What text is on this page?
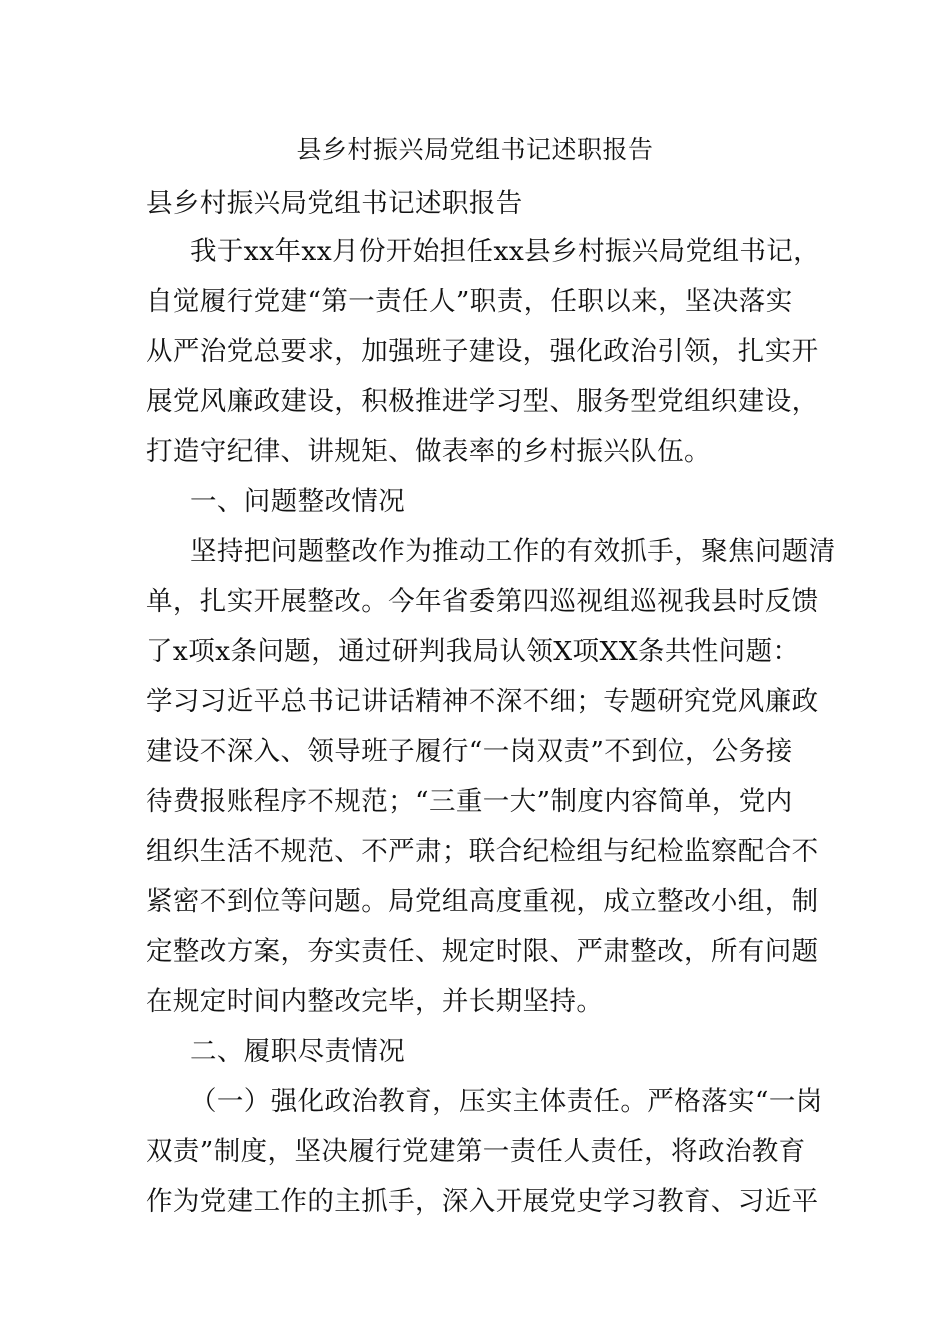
县乡村振兴局党组书记述职报告
县乡村振兴局党组书记述职报告
我于xx年xx月份开始担任xx县乡村振兴局党组书记，
自觉履行党建“第一责任人”职责，任职以来，坚决落实
从严治党总要求，加强班子建设，强化政治引领，扎实开
展党风廉政建设，积极推进学习型、服务型党组织建设，
打造守纪律、讲规矩、做表率的乡村振兴队伍。
一、问题整改情况
坚持把问题整改作为推动工作的有效抓手，聚焦问题清
单，扎实开展整改。今年省委第四巡视组巡视我县时反馈
了x项x条问题，通过研判我局认领X项XX条共性问题：
学习习近平总书记讲话精神不深不细；专题研究党风廉政
建设不深入、领导班子履行“一岗双责”不到位，公务接
待费报账程序不规范；“三重一大”制度内容简单，党内
组织生活不规范、不严肃；联合纪检组与纪检监察配合不
紧密不到位等问题。局党组高度重视，成立整改小组，制
定整改方案，夯实责任、规定时限、严肃整改，所有问题
在规定时间内整改完毕，并长期坚持。
二、履职尽责情况
（一）强化政治教育，压实主体责任。严格落实“一岗
双责”制度，坚决履行党建第一责任人责任，将政治教育
作为党建工作的主抓手，深入开展党史学习教育、习近平
